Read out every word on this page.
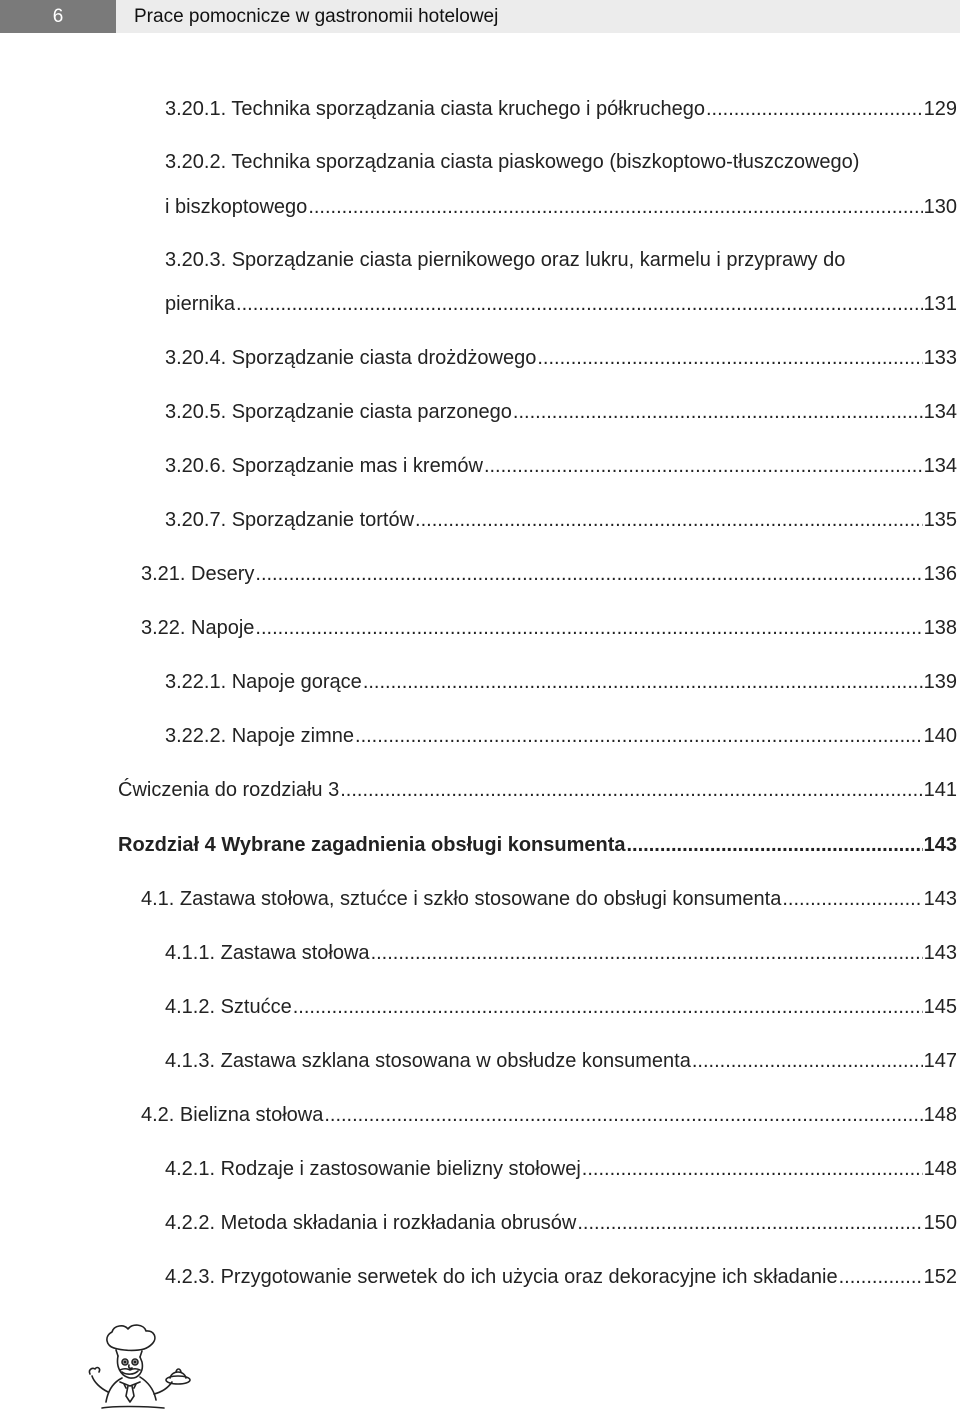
6	Prace pomocnicze w gastronomii hotelowej
3.20.1. Technika sporządzania ciasta kruchego i półkruchego .....	129
3.20.2. Technika sporządzania ciasta piaskowego (biszkoptowo-tłuszczowego)
i biszkoptowego .....	130
3.20.3. Sporządzanie ciasta piernikowego oraz lukru, karmelu i przyprawy do
piernika .....	131
3.20.4. Sporządzanie ciasta drożdżowego .....	133
3.20.5. Sporządzanie ciasta parzonego .....	134
3.20.6. Sporządzanie mas i kremów .....	134
3.20.7. Sporządzanie tortów .....	135
3.21. Desery .....	136
3.22. Napoje .....	138
3.22.1. Napoje gorące .....	139
3.22.2. Napoje zimne .....	140
Ćwiczenia do rozdziału 3 .....	141
Rozdział 4 Wybrane zagadnienia obsługi konsumenta .....	143
4.1. Zastawa stołowa, sztućce i szkło stosowane do obsługi konsumenta .....	143
4.1.1. Zastawa stołowa .....	143
4.1.2. Sztućce .....	145
4.1.3. Zastawa szklana stosowana w obsłudze konsumenta .....	147
4.2. Bielizna stołowa .....	148
4.2.1. Rodzaje i zastosowanie bielizny stołowej .....	148
4.2.2. Metoda składania i rozkładania obrusów .....	150
4.2.3. Przygotowanie serwetek do ich użycia oraz dekoracyjne ich składanie .....	152
